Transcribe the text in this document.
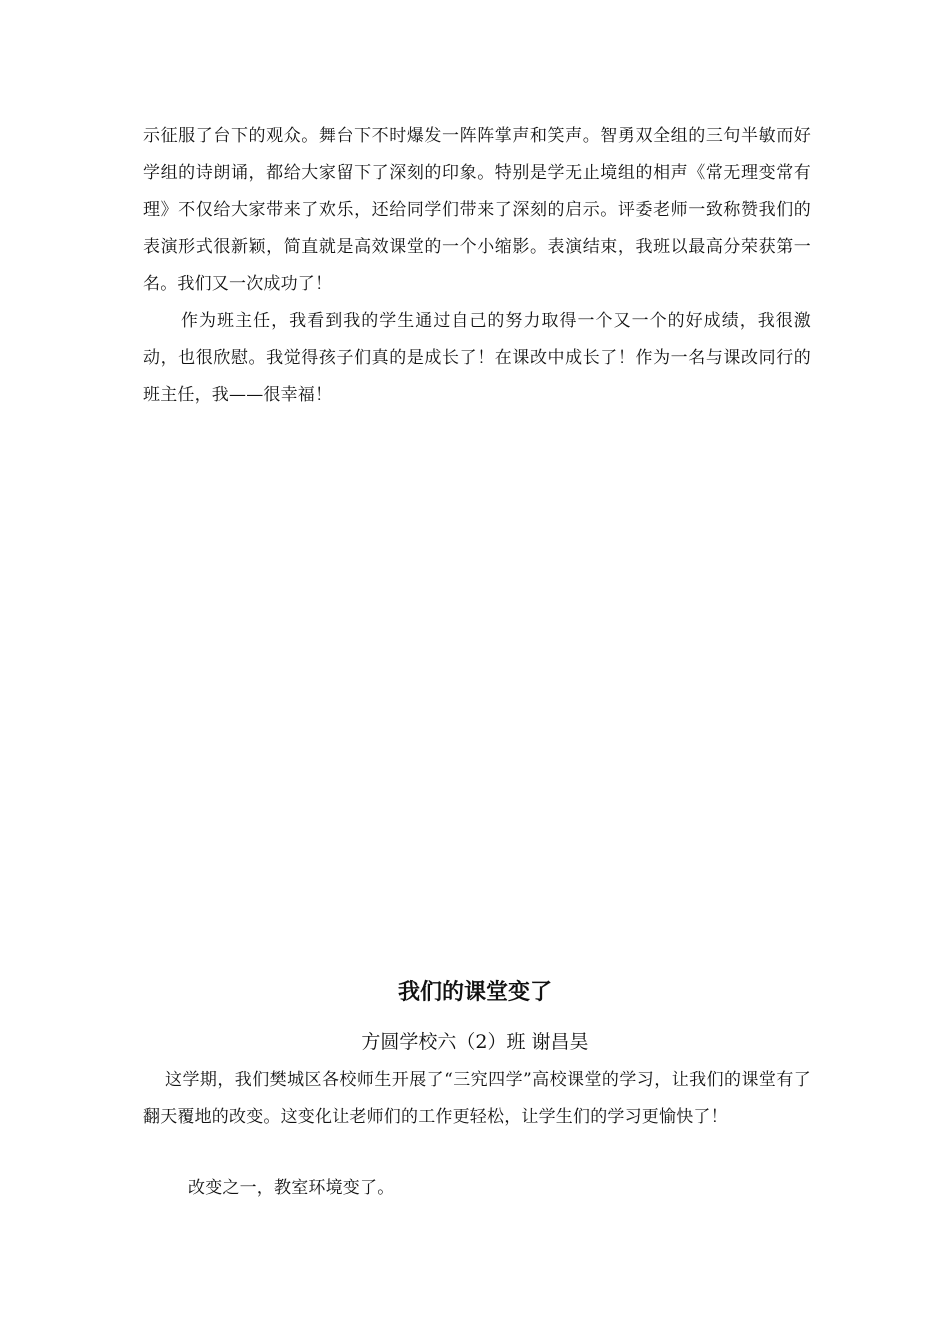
示征服了台下的观众。舞台下不时爆发一阵阵掌声和笑声。智勇双全组的三句半敏而好学组的诗朗诵，都给大家留下了深刻的印象。特别是学无止境组的相声《常无理变常有理》不仅给大家带来了欢乐，还给同学们带来了深刻的启示。评委老师一致称赞我们的表演形式很新颖，简直就是高效课堂的一个小缩影。表演结束，我班以最高分荣获第一名。我们又一次成功了！

作为班主任，我看到我的学生通过自己的努力取得一个又一个的好成绩，我很激动，也很欣慰。我觉得孩子们真的是成长了！在课改中成长了！作为一名与课改同行的班主任，我——很幸福！

我们的课堂变了

方圆学校六（2）班 谢昌昊

这学期，我们樊城区各校师生开展了“三究四学”高校课堂的学习，让我们的课堂有了翻天覆地的改变。这变化让老师们的工作更轻松，让学生们的学习更愉快了！

改变之一，教室环境变了。
